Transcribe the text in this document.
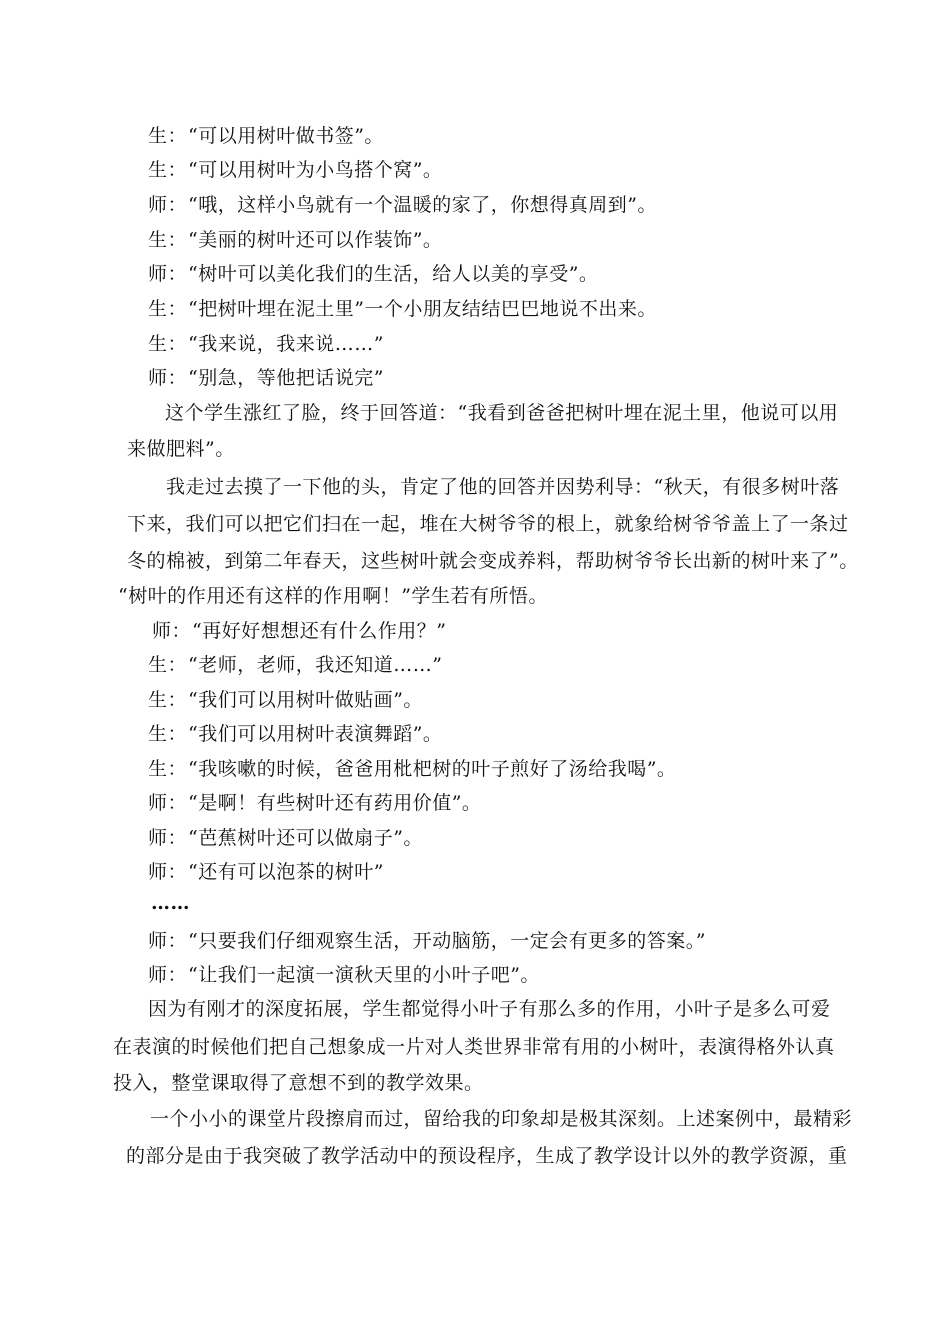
生：“可以用树叶做书签”。
生：“可以用树叶为小鸟搭个窝”。
师：“哦，这样小鸟就有一个温暖的家了，你想得真周到”。
生：“美丽的树叶还可以作装饰”。
师：“树叶可以美化我们的生活，给人以美的享受”。
生：“把树叶埋在泥土里”一个小朋友结结巴巴地说不出来。
生：“我来说，我来说……”
师：“别急，等他把话说完”
这个学生涨红了脸，终于回答道：“我看到爸爸把树叶埋在泥土里，他说可以用
来做肥料”。
我走过去摸了一下他的头，肯定了他的回答并因势利导：“秋天，有很多树叶落
下来，我们可以把它们扫在一起，堆在大树爷爷的根上，就象给树爷爷盖上了一条过
冬的棉被，到第二年春天，这些树叶就会变成养料，帮助树爷爷长出新的树叶来了”。
“树叶的作用还有这样的作用啊！”学生若有所悟。
师：“再好好想想还有什么作用？”
生：“老师，老师，我还知道……”
生：“我们可以用树叶做贴画”。
生：“我们可以用树叶表演舞蹈”。
生：“我咳嗽的时候，爸爸用枇杷树的叶子煎好了汤给我喝”。
师：“是啊！有些树叶还有药用价值”。
师：“芭蕉树叶还可以做扇子”。
师：“还有可以泡茶的树叶”
……
师：“只要我们仔细观察生活，开动脑筋，一定会有更多的答案。”
师：“让我们一起演一演秋天里的小叶子吧”。
因为有刚才的深度拓展，学生都觉得小叶子有那么多的作用，小叶子是多么可爱
在表演的时候他们把自己想象成一片对人类世界非常有用的小树叶，表演得格外认真
投入，整堂课取得了意想不到的教学效果。
一个小小的课堂片段擦肩而过，留给我的印象却是极其深刻。上述案例中，最精彩
的部分是由于我突破了教学活动中的预设程序，生成了教学设计以外的教学资源，重
